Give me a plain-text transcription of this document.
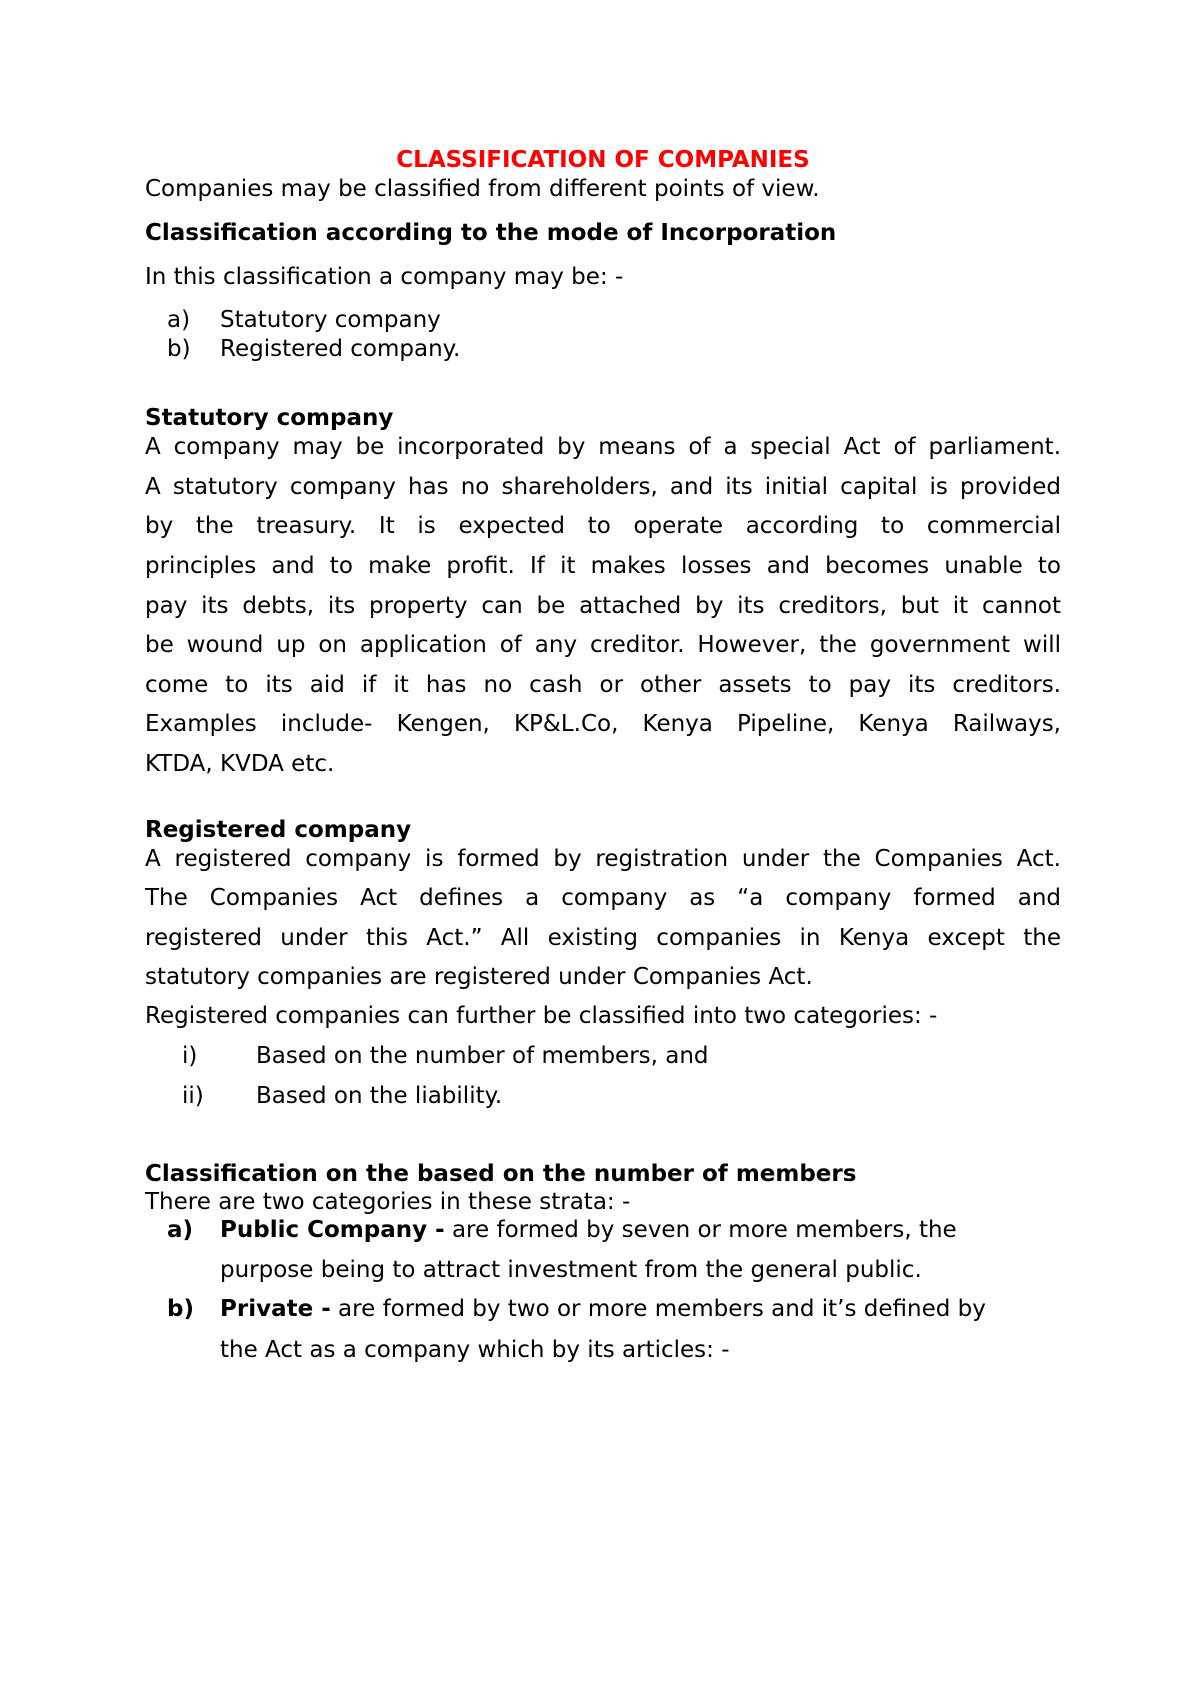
CLASSIFICATION OF COMPANIES
Companies may be classified from different points of view.
Classification according to the mode of Incorporation
In this classification a company may be: -
a) Statutory company
b) Registered company.
Statutory company
A company may be incorporated by means of a special Act of parliament.
A statutory company has no shareholders, and its initial capital is provided
by the treasury. It is expected to operate according to commercial
principles and to make profit. If it makes losses and becomes unable to
pay its debts, its property can be attached by its creditors, but it cannot
be wound up on application of any creditor. However, the government will
come to its aid if it has no cash or other assets to pay its creditors.
Examples include- Kengen, KP&L.Co, Kenya Pipeline, Kenya Railways,
KTDA, KVDA etc.
Registered company
A registered company is formed by registration under the Companies Act.
The Companies Act defines a company as “a company formed and
registered under this Act.” All existing companies in Kenya except the
statutory companies are registered under Companies Act.
Registered companies can further be classified into two categories: -
i)	Based on the number of members, and
ii) Based on the liability.
Classification on the based on the number of members
There are two categories in these strata: -
a) Public Company - are formed by seven or more members, the
purpose being to attract investment from the general public.
b) Private - are formed by two or more members and it’s defined by
the Act as a company which by its articles: -
